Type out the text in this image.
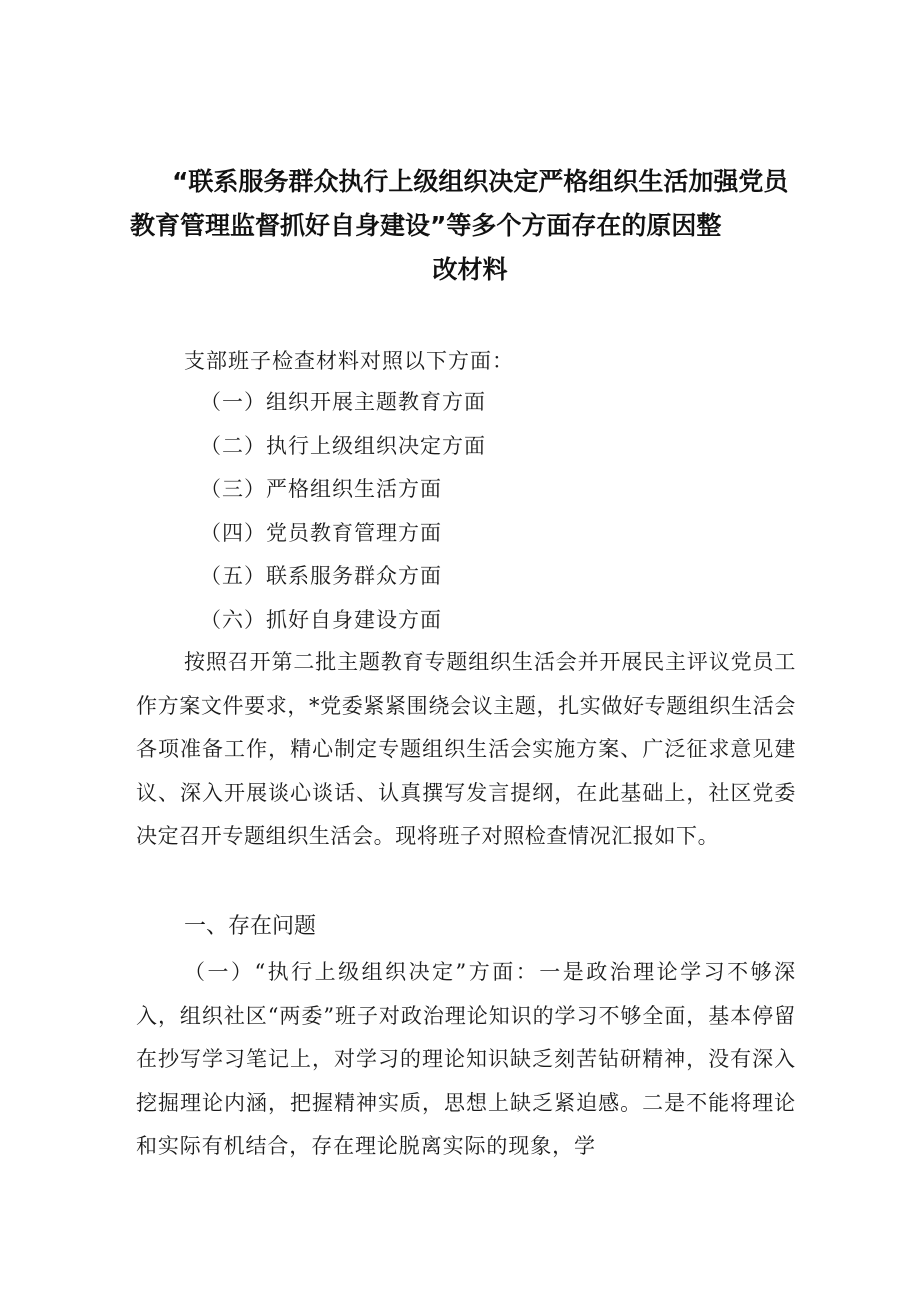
“联系服务群众执行上级组织决定严格组织生活加强党员
教育管理监督抓好自身建设”等多个方面存在的原因整
改材料
支部班子检查材料对照以下方面：
（一）组织开展主题教育方面
（二）执行上级组织决定方面
（三）严格组织生活方面
（四）党员教育管理方面
（五）联系服务群众方面
（六）抓好自身建设方面
按照召开第二批主题教育专题组织生活会并开展民主评议党员工作方案文件要求，*党委紧紧围绕会议主题，扎实做好专题组织生活会各项准备工作，精心制定专题组织生活会实施方案、广泛征求意见建议、深入开展谈心谈话、认真撰写发言提纲，在此基础上，社区党委决定召开专题组织生活会。现将班子对照检查情况汇报如下。
一、存在问题
（一）“执行上级组织决定”方面：一是政治理论学习不够深入，组织社区“两委”班子对政治理论知识的学习不够全面，基本停留在抄写学习笔记上，对学习的理论知识缺乏刻苦钻研精神，没有深入挖掘理论内涵，把握精神实质，思想上缺乏紧迫感。二是不能将理论和实际有机结合，存在理论脱离实际的现象，学
